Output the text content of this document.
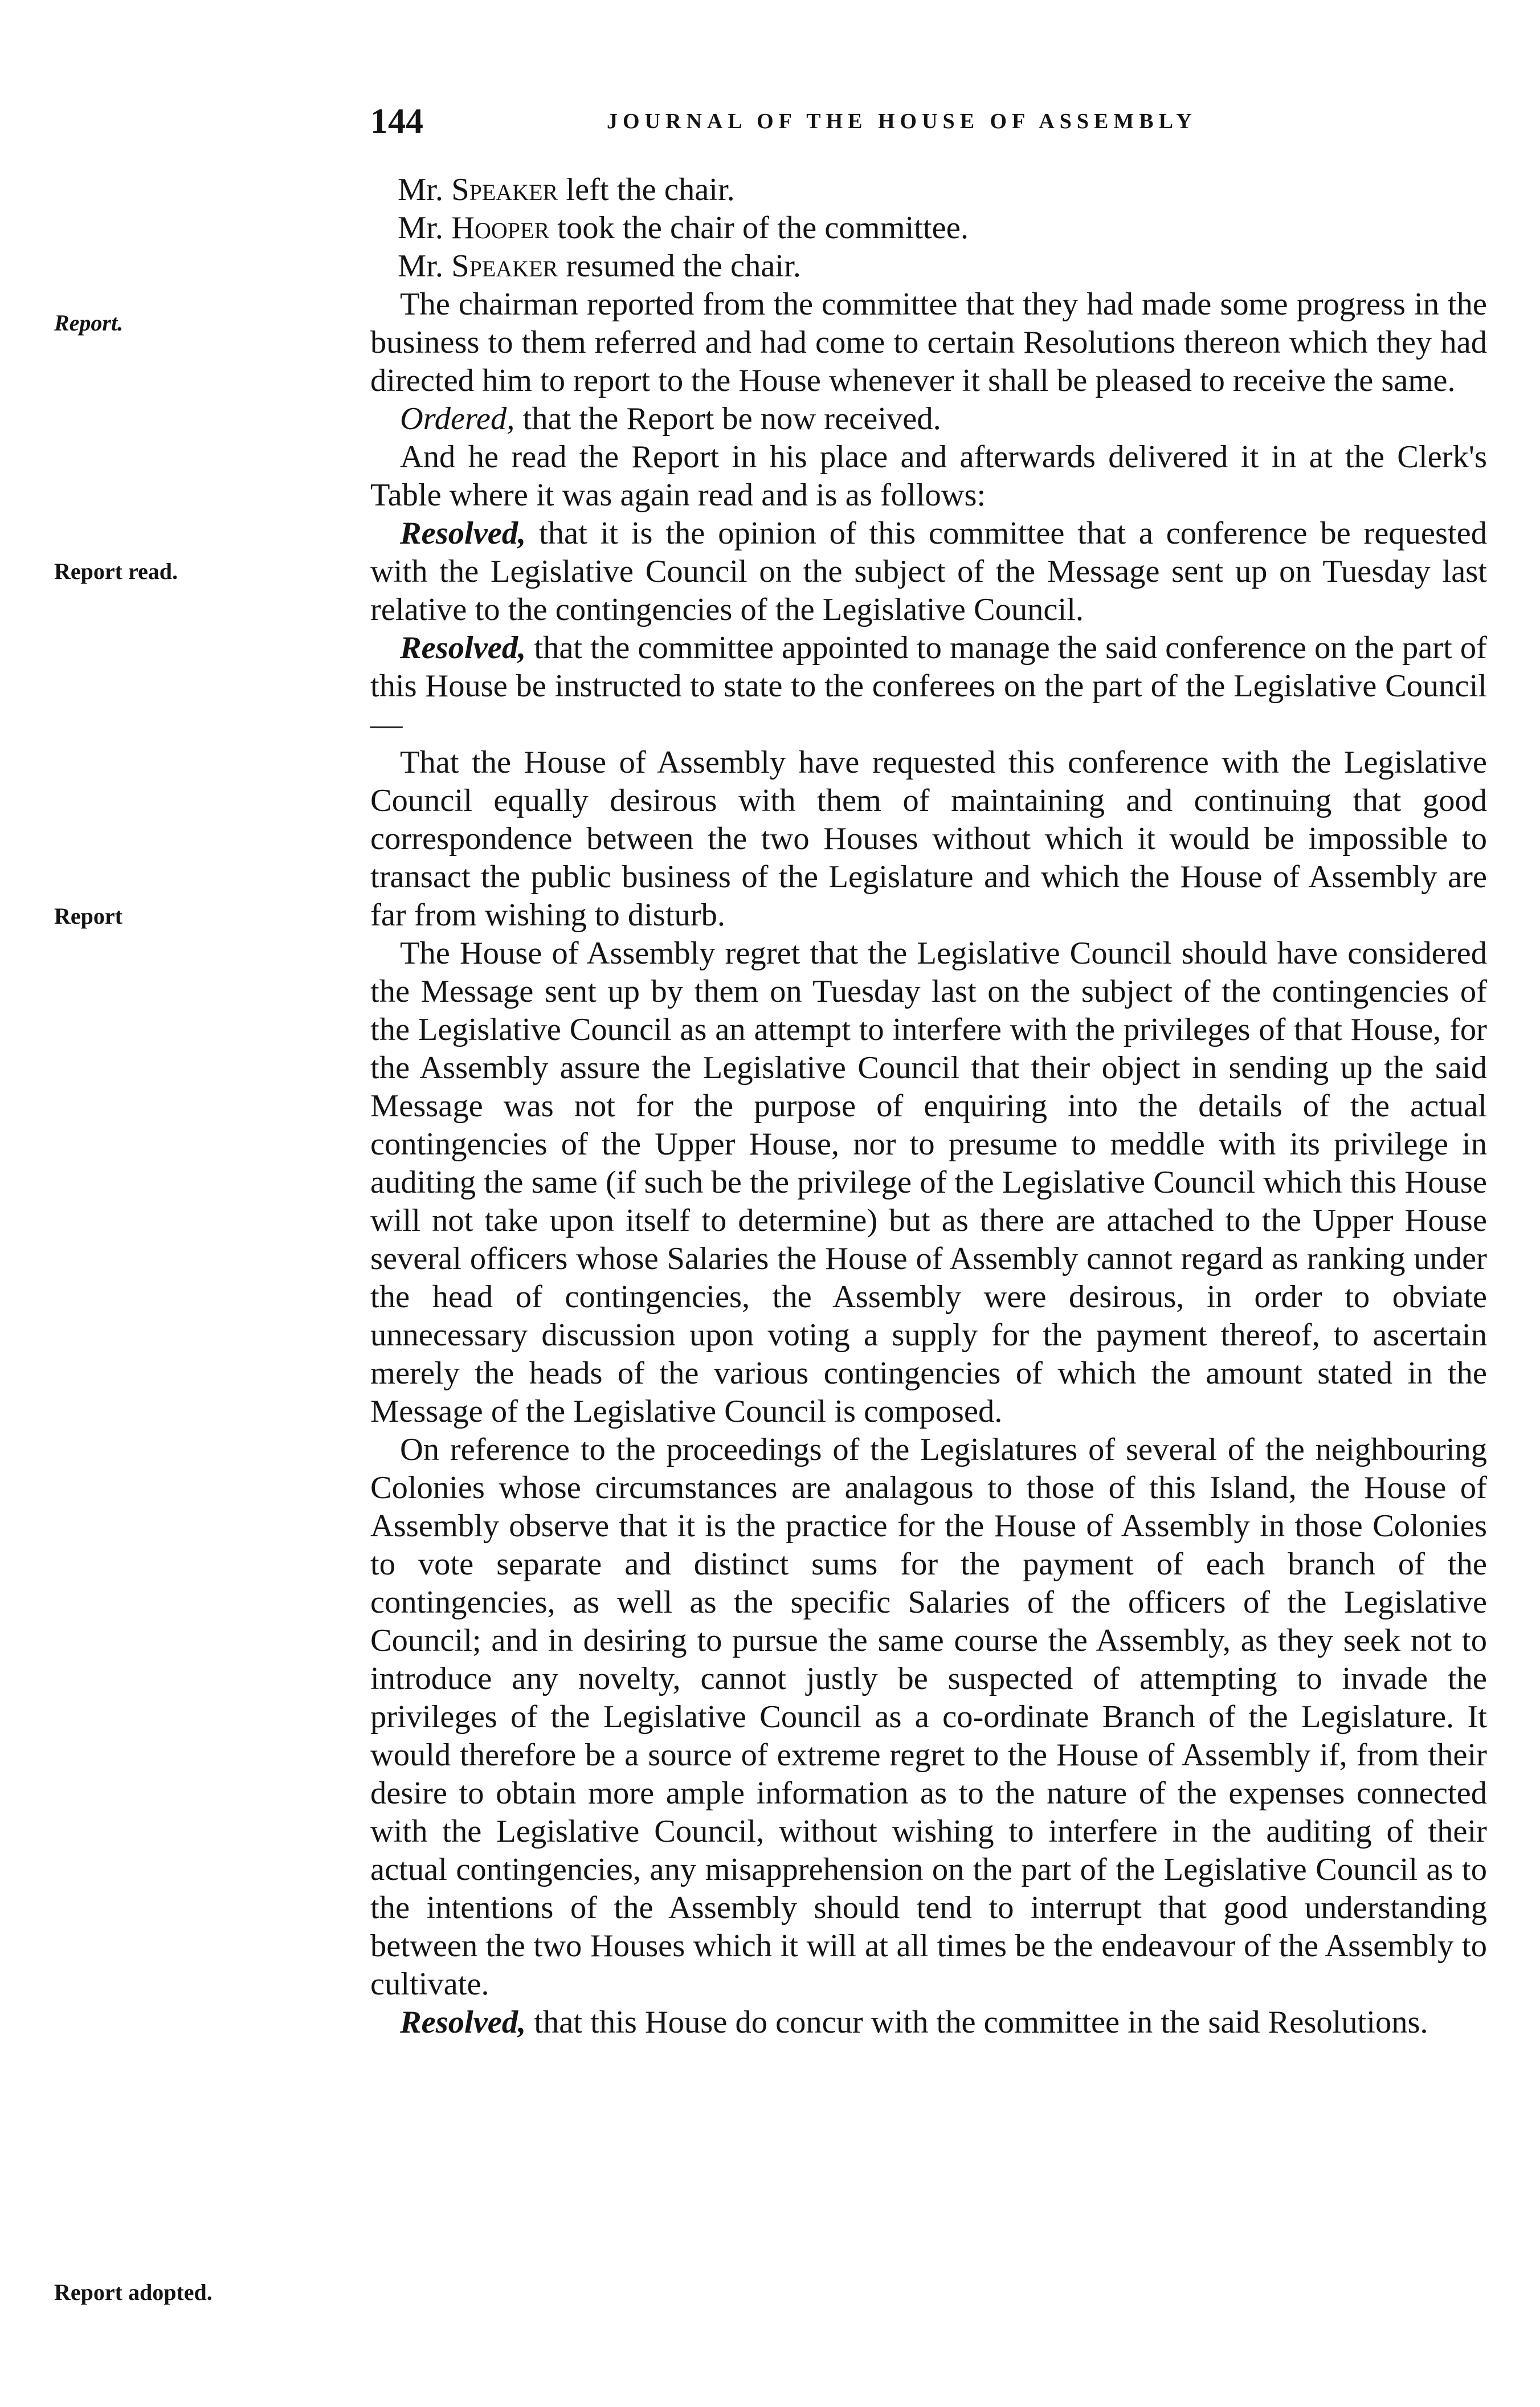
144	JOURNAL OF THE HOUSE OF ASSEMBLY
Report.
Report read.
Report
Report adopted.

Mr. Speaker left the chair.

Mr. Hooper took the chair of the committee.

Mr. Speaker resumed the chair.

The chairman reported from the committee that they had made some progress in the business to them referred and had come to certain Resolutions thereon which they had directed him to report to the House whenever it shall be pleased to receive the same.

Ordered, that the Report be now received.

And he read the Report in his place and afterwards delivered it in at the Clerk's Table where it was again read and is as follows:

Resolved, that it is the opinion of this committee that a conference be requested with the Legislative Council on the subject of the Message sent up on Tuesday last relative to the contingencies of the Legislative Council.

Resolved, that the committee appointed to manage the said conference on the part of this House be instructed to state to the conferees on the part of the Legislative Council—

That the House of Assembly have requested this conference with the Legislative Council equally desirous with them of maintaining and continuing that good correspondence between the two Houses without which it would be impossible to transact the public business of the Legislature and which the House of Assembly are far from wishing to disturb.

The House of Assembly regret that the Legislative Council should have considered the Message sent up by them on Tuesday last on the subject of the contingencies of the Legislative Council as an attempt to interfere with the privileges of that House, for the Assembly assure the Legislative Council that their object in sending up the said Message was not for the purpose of enquiring into the details of the actual contingencies of the Upper House, nor to presume to meddle with its privilege in auditing the same (if such be the privilege of the Legislative Council which this House will not take upon itself to determine) but as there are attached to the Upper House several officers whose Salaries the House of Assembly cannot regard as ranking under the head of contingencies, the Assembly were desirous, in order to obviate unnecessary discussion upon voting a supply for the payment thereof, to ascertain merely the heads of the various contingencies of which the amount stated in the Message of the Legislative Council is composed.

On reference to the proceedings of the Legislatures of several of the neighbouring Colonies whose circumstances are analagous to those of this Island, the House of Assembly observe that it is the practice for the House of Assembly in those Colonies to vote separate and distinct sums for the payment of each branch of the contingencies, as well as the specific Salaries of the officers of the Legislative Council; and in desiring to pursue the same course the Assembly, as they seek not to introduce any novelty, cannot justly be suspected of attempting to invade the privileges of the Legislative Council as a co-ordinate Branch of the Legislature. It would therefore be a source of extreme regret to the House of Assembly if, from their desire to obtain more ample information as to the nature of the expenses connected with the Legislative Council, without wishing to interfere in the auditing of their actual contingencies, any misapprehension on the part of the Legislative Council as to the intentions of the Assembly should tend to interrupt that good understanding between the two Houses which it will at all times be the endeavour of the Assembly to cultivate.

Resolved, that this House do concur with the committee in the said Resolutions.
